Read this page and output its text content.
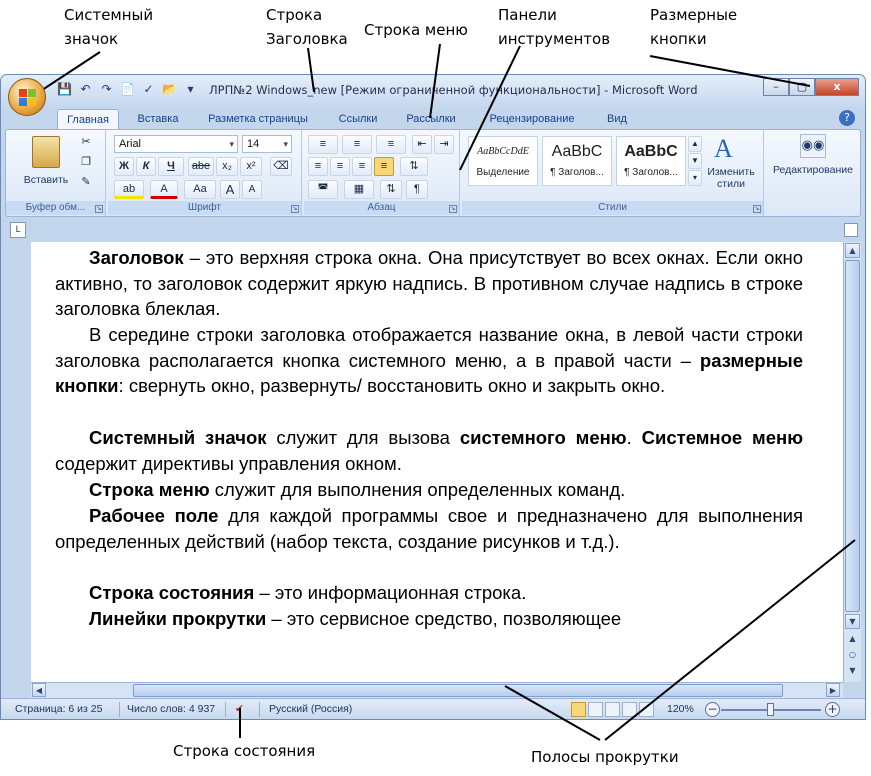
Системный значок
Строка Заголовка	Строка меню
Панели инструментов
Размерные кнопки
Строка состояния	Полосы прокрутки
💾 ↶ ↷ 📄 ✓ 📂 ▾	ЛРП№2 Windows_new [Режим ограниченной функциональности] - Microsoft Word	–	▢	x
Главная	Вставка	Разметка страницы	Ссылки	Рассылки	Рецензирование	Вид	?
Вставить
✂
❐
✎
Буфер обм...	↘
Arial ▾	14 ▾
Ж	К	Ч	abe	x₂	x²	⌫
ab	A	Аа	A	A
Шрифт	↘
≡	≡	≡	⇤	⇥
≡	≡	≡	≡	⇅
◚	▦	⇅	¶
Абзац	↘
AaBbCcDdE
Выделение
AaBbC
¶ Заголов...
AaBbC
¶ Заголов...
▲
▼
▾
A
Изменить стили
Стили	↘
◉◉
Редактирование
L
Заголовок – это верхняя строка окна. Она присутствует во всех окнах. Если окно активно, то заголовок содержит яркую надпись. В противном случае надпись в строке заголовка блеклая.
В середине строки заголовка отображается название окна, в левой части строки заголовка располагается кнопка системного меню, а в правой части – размерные кнопки: свернуть окно, развернуть/ восстановить окно и закрыть окно.
Системный значок служит для вызова системного меню. Системное меню содержит директивы управления окном.
Строка меню служит для выполнения определенных команд.
Рабочее поле для каждой программы свое и предназначено для выполнения определенных действий (набор текста, создание рисунков и т.д.).
Строка состояния – это информационная строка.
Линейки прокрутки – это сервисное средство, позволяющее
▲
▼
▲
○
▼
◀	▶
Страница: 6 из 25 Число слов: 4 937 ✔ Русский (Россия)	120% −	+
